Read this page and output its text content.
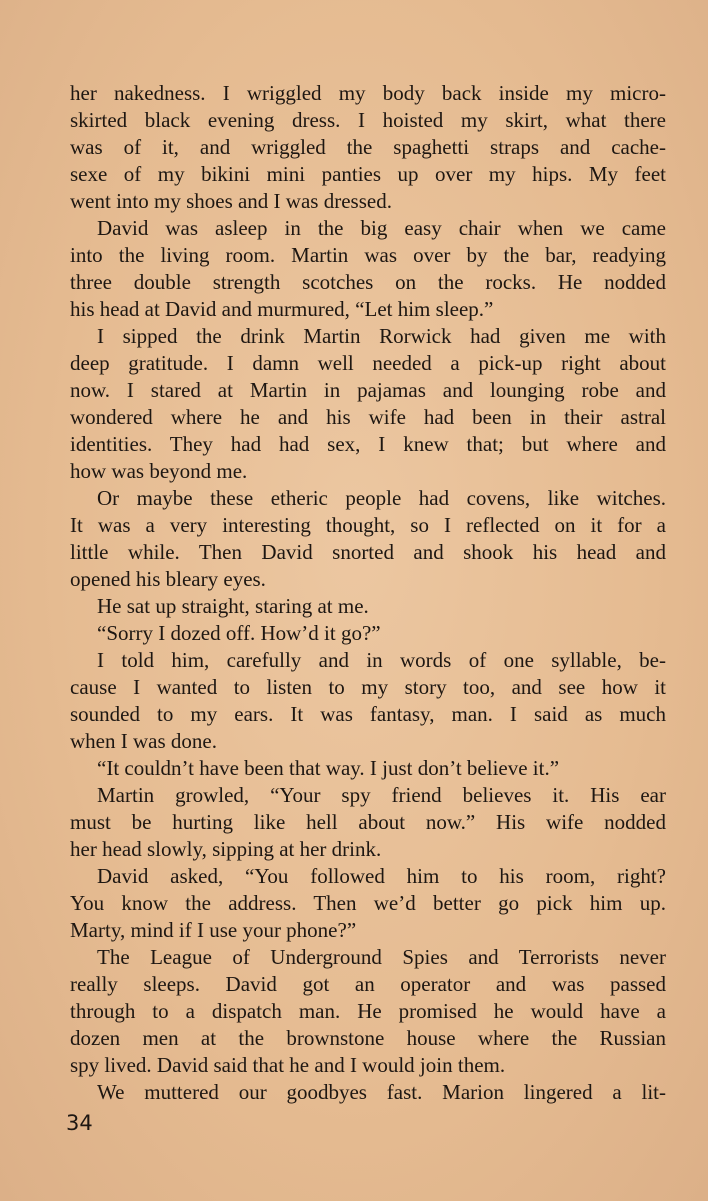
her nakedness. I wriggled my body back inside my micro-
skirted black evening dress. I hoisted my skirt, what there
was of it, and wriggled the spaghetti straps and cache-
sexe of my bikini mini panties up over my hips. My feet
went into my shoes and I was dressed.
David was asleep in the big easy chair when we came
into the living room. Martin was over by the bar, readying
three double strength scotches on the rocks. He nodded
his head at David and murmured, “Let him sleep.”
I sipped the drink Martin Rorwick had given me with
deep gratitude. I damn well needed a pick-up right about
now. I stared at Martin in pajamas and lounging robe and
wondered where he and his wife had been in their astral
identities. They had had sex, I knew that; but where and
how was beyond me.
Or maybe these etheric people had covens, like witches.
It was a very interesting thought, so I reflected on it for a
little while. Then David snorted and shook his head and
opened his bleary eyes.
He sat up straight, staring at me.
“Sorry I dozed off. How’d it go?”
I told him, carefully and in words of one syllable, be-
cause I wanted to listen to my story too, and see how it
sounded to my ears. It was fantasy, man. I said as much
when I was done.
“It couldn’t have been that way. I just don’t believe it.”
Martin growled, “Your spy friend believes it. His ear
must be hurting like hell about now.” His wife nodded
her head slowly, sipping at her drink.
David asked, “You followed him to his room, right?
You know the address. Then we’d better go pick him up.
Marty, mind if I use your phone?”
The League of Underground Spies and Terrorists never
really sleeps. David got an operator and was passed
through to a dispatch man. He promised he would have a
dozen men at the brownstone house where the Russian
spy lived. David said that he and I would join them.
We muttered our goodbyes fast. Marion lingered a lit-
34
